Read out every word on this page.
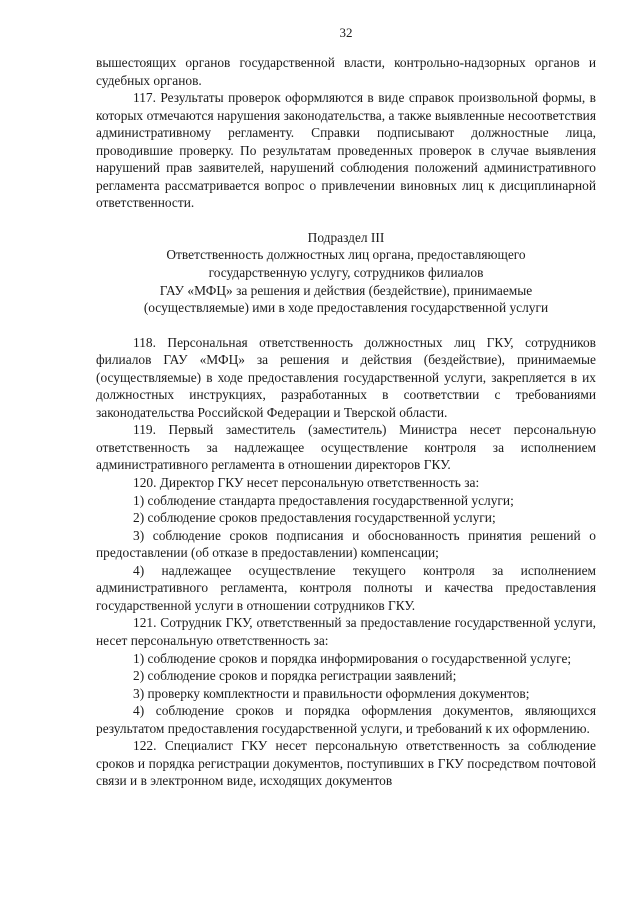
32

вышестоящих органов государственной власти, контрольно-надзорных органов и судебных органов.

117. Результаты проверок оформляются в виде справок произвольной формы, в которых отмечаются нарушения законодательства, а также выявленные несоответствия административному регламенту. Справки подписывают должностные лица, проводившие проверку. По результатам проведенных проверок в случае выявления нарушений прав заявителей, нарушений соблюдения положений административного регламента рассматривается вопрос о привлечении виновных лиц к дисциплинарной ответственности.

Подраздел III
Ответственность должностных лиц органа, предоставляющего
государственную услугу, сотрудников филиалов
ГАУ «МФЦ» за решения и действия (бездействие), принимаемые
(осуществляемые) ими в ходе предоставления государственной услуги

118. Персональная ответственность должностных лиц ГКУ, сотрудников филиалов ГАУ «МФЦ» за решения и действия (бездействие), принимаемые (осуществляемые) в ходе предоставления государственной услуги, закрепляется в их должностных инструкциях, разработанных в соответствии с требованиями законодательства Российской Федерации и Тверской области.

119. Первый заместитель (заместитель) Министра несет персональную ответственность за надлежащее осуществление контроля за исполнением административного регламента в отношении директоров ГКУ.

120. Директор ГКУ несет персональную ответственность за:

1) соблюдение стандарта предоставления государственной услуги;

2) соблюдение сроков предоставления государственной услуги;

3) соблюдение сроков подписания и обоснованность принятия решений о предоставлении (об отказе в предоставлении) компенсации;

4) надлежащее осуществление текущего контроля за исполнением административного регламента, контроля полноты и качества предоставления государственной услуги в отношении сотрудников ГКУ.

121. Сотрудник ГКУ, ответственный за предоставление государственной услуги, несет персональную ответственность за:

1) соблюдение сроков и порядка информирования о государственной услуге;

2) соблюдение сроков и порядка регистрации заявлений;

3) проверку комплектности и правильности оформления документов;

4) соблюдение сроков и порядка оформления документов, являющихся результатом предоставления государственной услуги, и требований к их оформлению.

122. Специалист ГКУ несет персональную ответственность за соблюдение сроков и порядка регистрации документов, поступивших в ГКУ посредством почтовой связи и в электронном виде, исходящих документов
